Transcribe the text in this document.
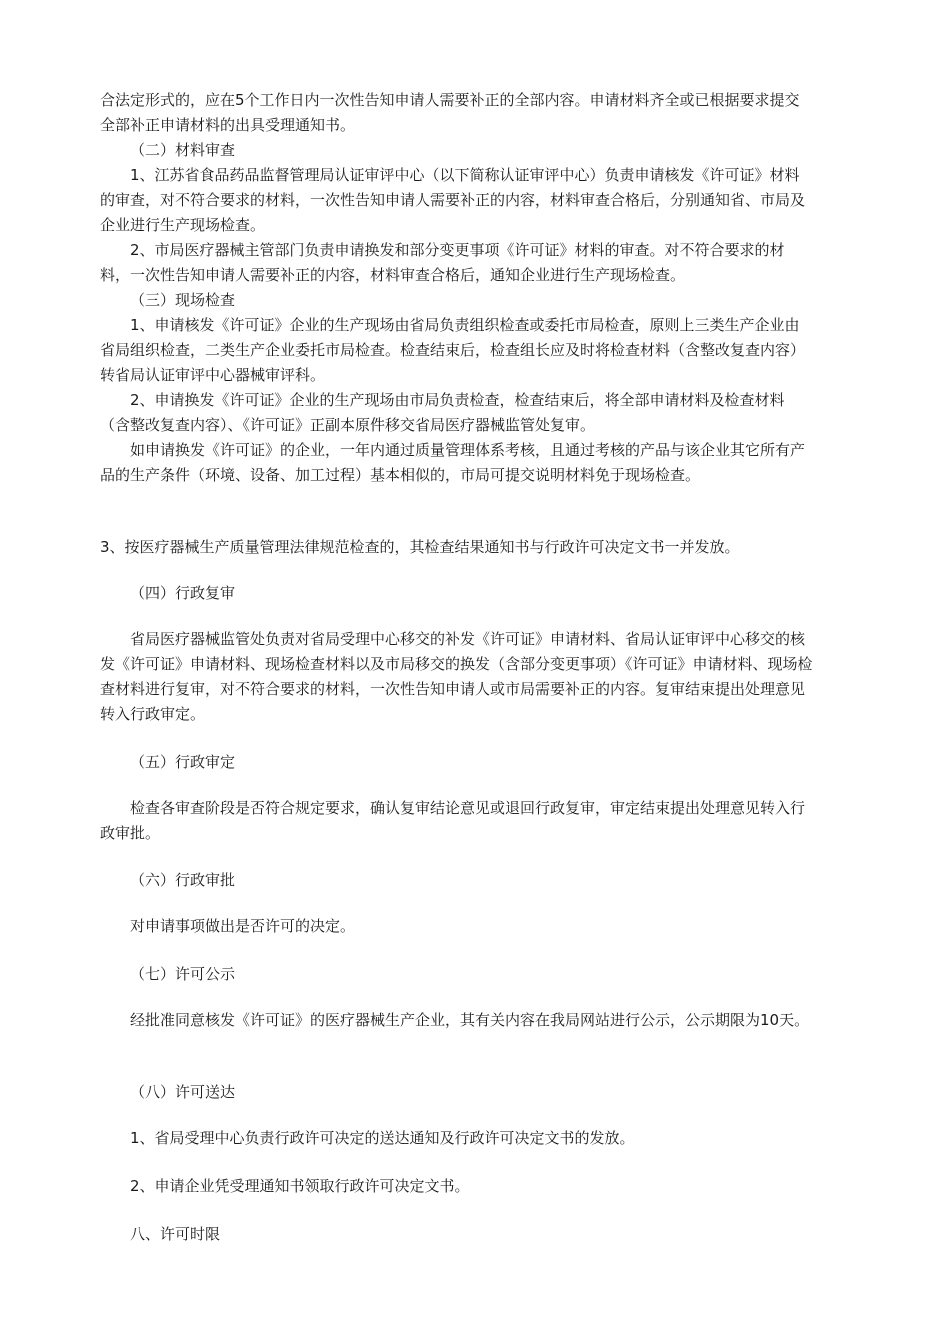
合法定形式的，应在5个工作日内一次性告知申请人需要补正的全部内容。申请材料齐全或已根据要求提交全部补正申请材料的出具受理通知书。

（二）材料审查

1、江苏省食品药品监督管理局认证审评中心（以下简称认证审评中心）负责申请核发《许可证》材料的审查，对不符合要求的材料，一次性告知申请人需要补正的内容，材料审查合格后，分别通知省、市局及企业进行生产现场检查。

2、市局医疗器械主管部门负责申请换发和部分变更事项《许可证》材料的审查。对不符合要求的材料，一次性告知申请人需要补正的内容，材料审查合格后，通知企业进行生产现场检查。

（三）现场检查

1、申请核发《许可证》企业的生产现场由省局负责组织检查或委托市局检查，原则上三类生产企业由省局组织检查，二类生产企业委托市局检查。检查结束后，检查组长应及时将检查材料（含整改复查内容）转省局认证审评中心器械审评科。

2、申请换发《许可证》企业的生产现场由市局负责检查，检查结束后，将全部申请材料及检查材料（含整改复查内容）、《许可证》正副本原件移交省局医疗器械监管处复审。

如申请换发《许可证》的企业，一年内通过质量管理体系考核，且通过考核的产品与该企业其它所有产品的生产条件（环境、设备、加工过程）基本相似的，市局可提交说明材料免于现场检查。

3、按医疗器械生产质量管理法律规范检查的，其检查结果通知书与行政许可决定文书一并发放。

（四）行政复审

省局医疗器械监管处负责对省局受理中心移交的补发《许可证》申请材料、省局认证审评中心移交的核发《许可证》申请材料、现场检查材料以及市局移交的换发（含部分变更事项）《许可证》申请材料、现场检查材料进行复审，对不符合要求的材料，一次性告知申请人或市局需要补正的内容。复审结束提出处理意见转入行政审定。

（五）行政审定

检查各审查阶段是否符合规定要求，确认复审结论意见或退回行政复审，审定结束提出处理意见转入行政审批。

（六）行政审批

对申请事项做出是否许可的决定。

（七）许可公示

经批准同意核发《许可证》的医疗器械生产企业，其有关内容在我局网站进行公示，公示期限为10天。

（八）许可送达

1、省局受理中心负责行政许可决定的送达通知及行政许可决定文书的发放。

2、申请企业凭受理通知书领取行政许可决定文书。

八、许可时限
